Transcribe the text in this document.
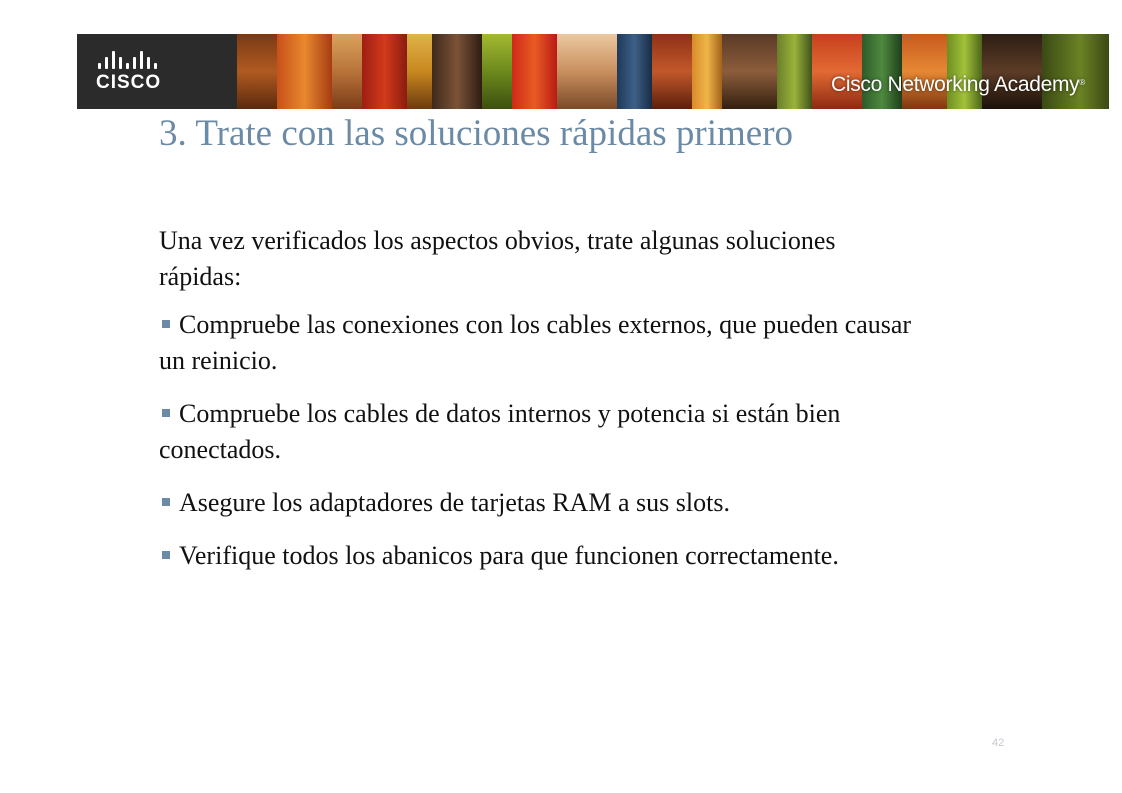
CISCO	Cisco Networking Academy®
3. Trate con las soluciones rápidas primero

Una vez verificados los aspectos obvios, trate algunas soluciones rápidas:

Compruebe las conexiones con los cables externos, que pueden causar un reinicio.
Compruebe los cables de datos internos y potencia si están bien conectados.
Asegure los adaptadores de tarjetas RAM a sus slots.
Verifique todos los abanicos para que funcionen correctamente.
42
